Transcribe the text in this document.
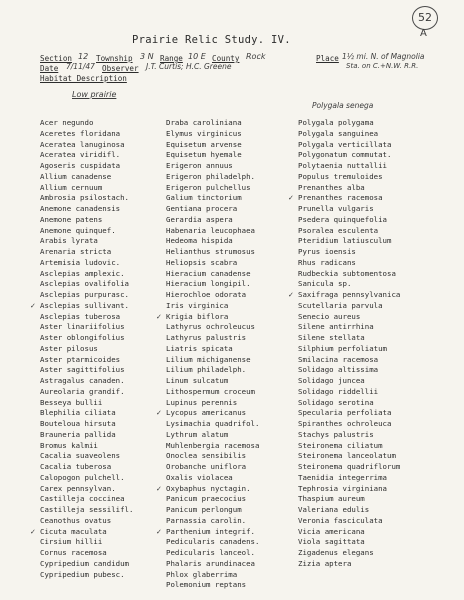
52
A
Prairie Relic Study. IV.
Section 12 Township 3 N Range 10 E County Rock	Place 1½ mi. N. of Magnolia
Date 7/11/47 Observer J.T. Curtis; H.C. Greene	Sta. on C.+N.W. R.R.
Habitat Description
Low prairie
Polygala senega
Acer negundo
Aceretes floridana
Aceratea lanuginosa
Aceratea viridifl.
Agoseris cuspidata
Allium canadense
Allium cernuum
Ambrosia psilostach.
Anemone canadensis
Anemone patens
Anemone quinquef.
Arabis lyrata
Arenaria stricta
Artemisia ludovic.
Asclepias amplexic.
Asclepias ovalifolia
Asclepias purpurasc.
✓ Asclepias sullivant.
Asclepias tuberosa
Aster linariifolius
Aster oblongifolius
Aster pilosus
Aster ptarmicoides
Aster sagittifolius
Astragalus canaden.
Aureolaria grandif.
Besseya bullii
Blephilia ciliata
Bouteloua hirsuta
Brauneria pallida
Bromus kalmii
Cacalia suaveolens
Cacalia tuberosa
Calopogon pulchell.
Carex pennsylvan.
Castilleja coccinea
Castilleja sessilifl.
Ceanothus ovatus
✓ Cicuta maculata
Cirsium hillii
Cornus racemosa
Cypripedium candidum
Cypripedium pubesc.
Draba caroliniana
Elymus virginicus
Equisetum arvense
Equisetum hyemale
Erigeron annuus
Erigeron philadelph.
Erigeron pulchellus
Galium tinctorium
Gentiana procera
Gerardia aspera
Habenaria leucophaea
Hedeoma hispida
Helianthus strumosus
Heliopsis scabra
Hieracium canadense
Hieracium longipil.
Hierochloe odorata
Iris virginica
✓ Krigia biflora
Lathyrus ochroleucus
Lathyrus palustris
Liatris spicata
Lilium michiganense
Lilium philadelph.
Linum sulcatum
Lithospermum croceum
Lupinus perennis
✓ Lycopus americanus
Lysimachia quadrifol.
Lythrum alatum
Muhlenbergia racemosa
Onoclea sensibilis
Orobanche uniflora
Oxalis violacea
✓ Oxybaphus nyctagin.
Panicum praecocius
Panicum perlongum
Parnassia carolin.
✓ Parthenium integrif.
Pedicularis canadens.
Pedicularis lanceol.
Phalaris arundinacea
Phlox glaberrima
Polemonium reptans
Polygala polygama
Polygala sanguinea
Polygala verticillata
Polygonatum commutat.
Polytaenia nuttallii
Populus tremuloides
Prenanthes alba
✓ Prenanthes racemosa
Prunella vulgaris
Psedera quinquefolia
Psoralea esculenta
Pteridium latiusculum
Pyrus ioensis
Rhus radicans
Rudbeckia subtomentosa
Sanicula sp.
✓ Saxifraga pennsylvanica
Scutellaria parvula
Senecio aureus
Silene antirrhina
Silene stellata
Silphium perfoliatum
Smilacina racemosa
Solidago altissima
Solidago juncea
Solidago riddellii
Solidago serotina
Specularia perfoliata
Spiranthes ochroleuca
Stachys palustris
Steironema ciliatum
Steironema lanceolatum
Steironema quadriflorum
Taenidia integerrima
Tephrosia virginiana
Thaspium aureum
Valeriana edulis
Veronia fasciculata
Vicia americana
Viola sagittata
Zigadenus elegans
Zizia aptera
